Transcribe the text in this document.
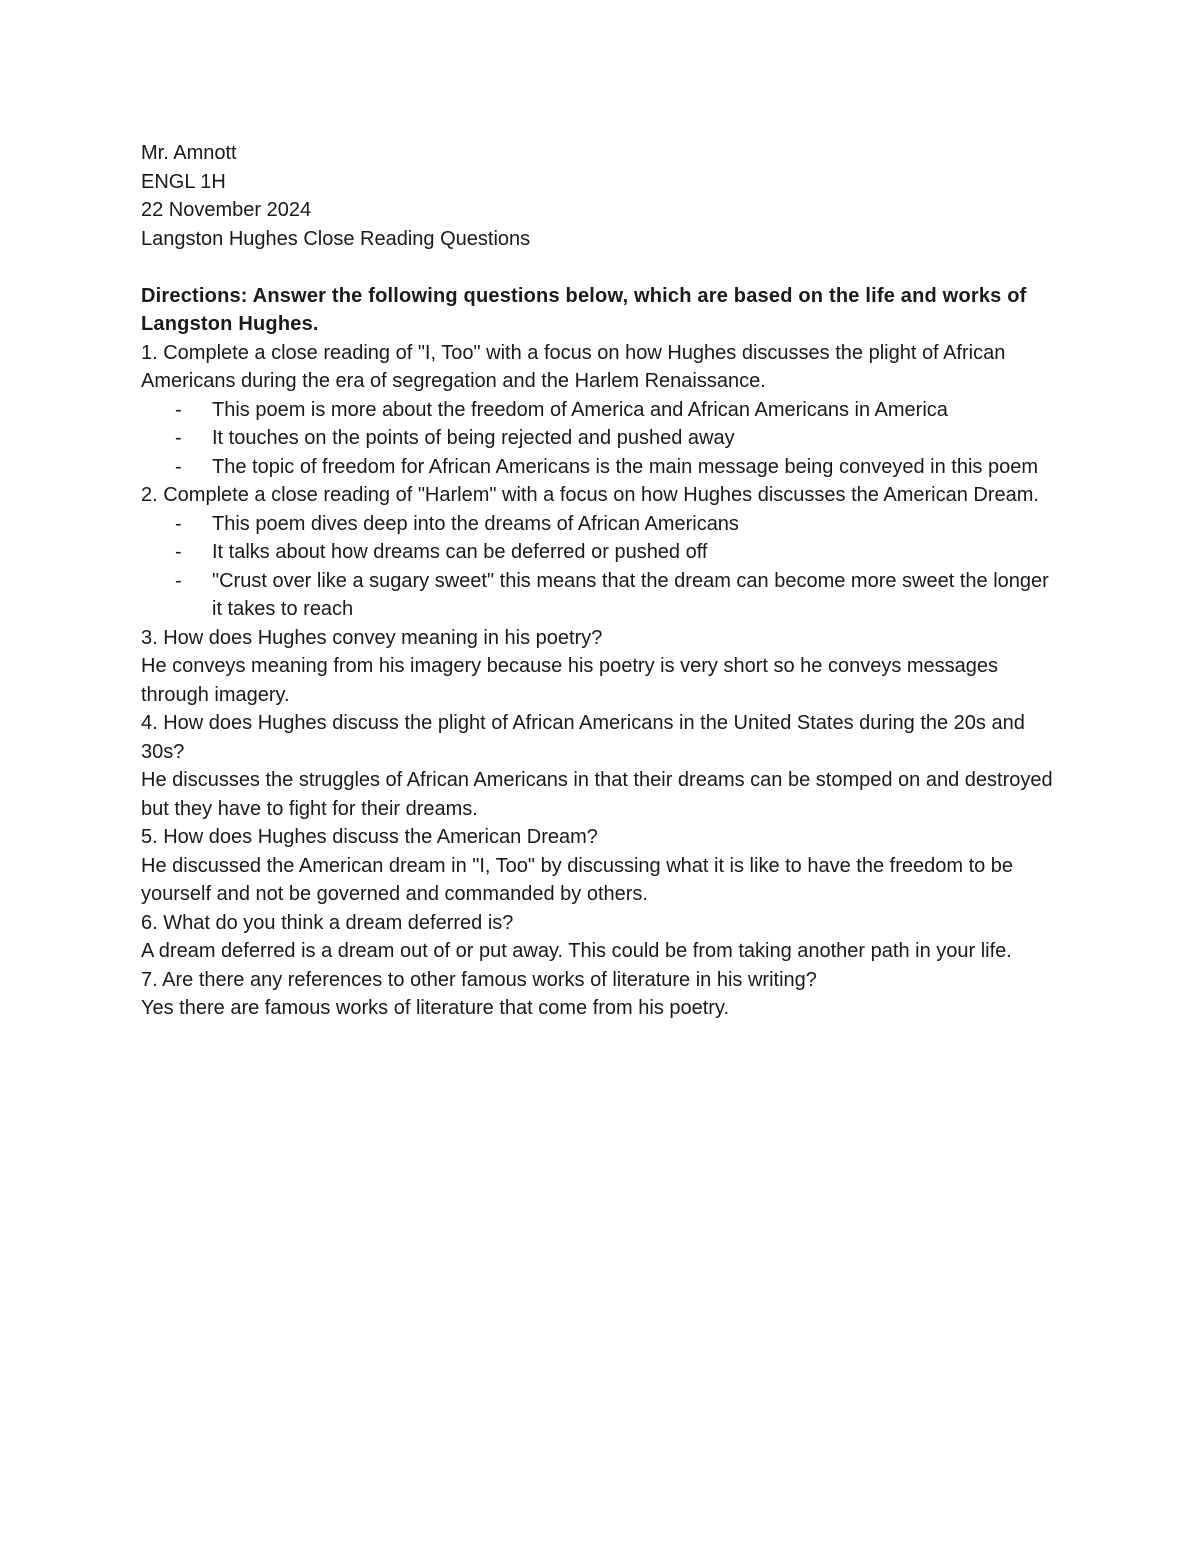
Mr. Amnott

ENGL 1H

22 November 2024

Langston Hughes Close Reading Questions

Directions: Answer the following questions below, which are based on the life and works of Langston Hughes.

1. Complete a close reading of "I, Too" with a focus on how Hughes discusses the plight of African Americans during the era of segregation and the Harlem Renaissance.

- This poem is more about the freedom of America and African Americans in America
- It touches on the points of being rejected and pushed away
- The topic of freedom for African Americans is the main message being conveyed in this poem

2. Complete a close reading of "Harlem" with a focus on how Hughes discusses the American Dream.

- This poem dives deep into the dreams of African Americans
- It talks about how dreams can be deferred or pushed off
- "Crust over like a sugary sweet" this means that the dream can become more sweet the longer it takes to reach

3. How does Hughes convey meaning in his poetry?

He conveys meaning from his imagery because his poetry is very short so he conveys messages through imagery.

4. How does Hughes discuss the plight of African Americans in the United States during the 20s and 30s?

He discusses the struggles of African Americans in that their dreams can be stomped on and destroyed but they have to fight for their dreams.

5. How does Hughes discuss the American Dream?

He discussed the American dream in "I, Too" by discussing what it is like to have the freedom to be yourself and not be governed and commanded by others.

6. What do you think a dream deferred is?

A dream deferred is a dream out of or put away. This could be from taking another path in your life.

7. Are there any references to other famous works of literature in his writing?

Yes there are famous works of literature that come from his poetry.
